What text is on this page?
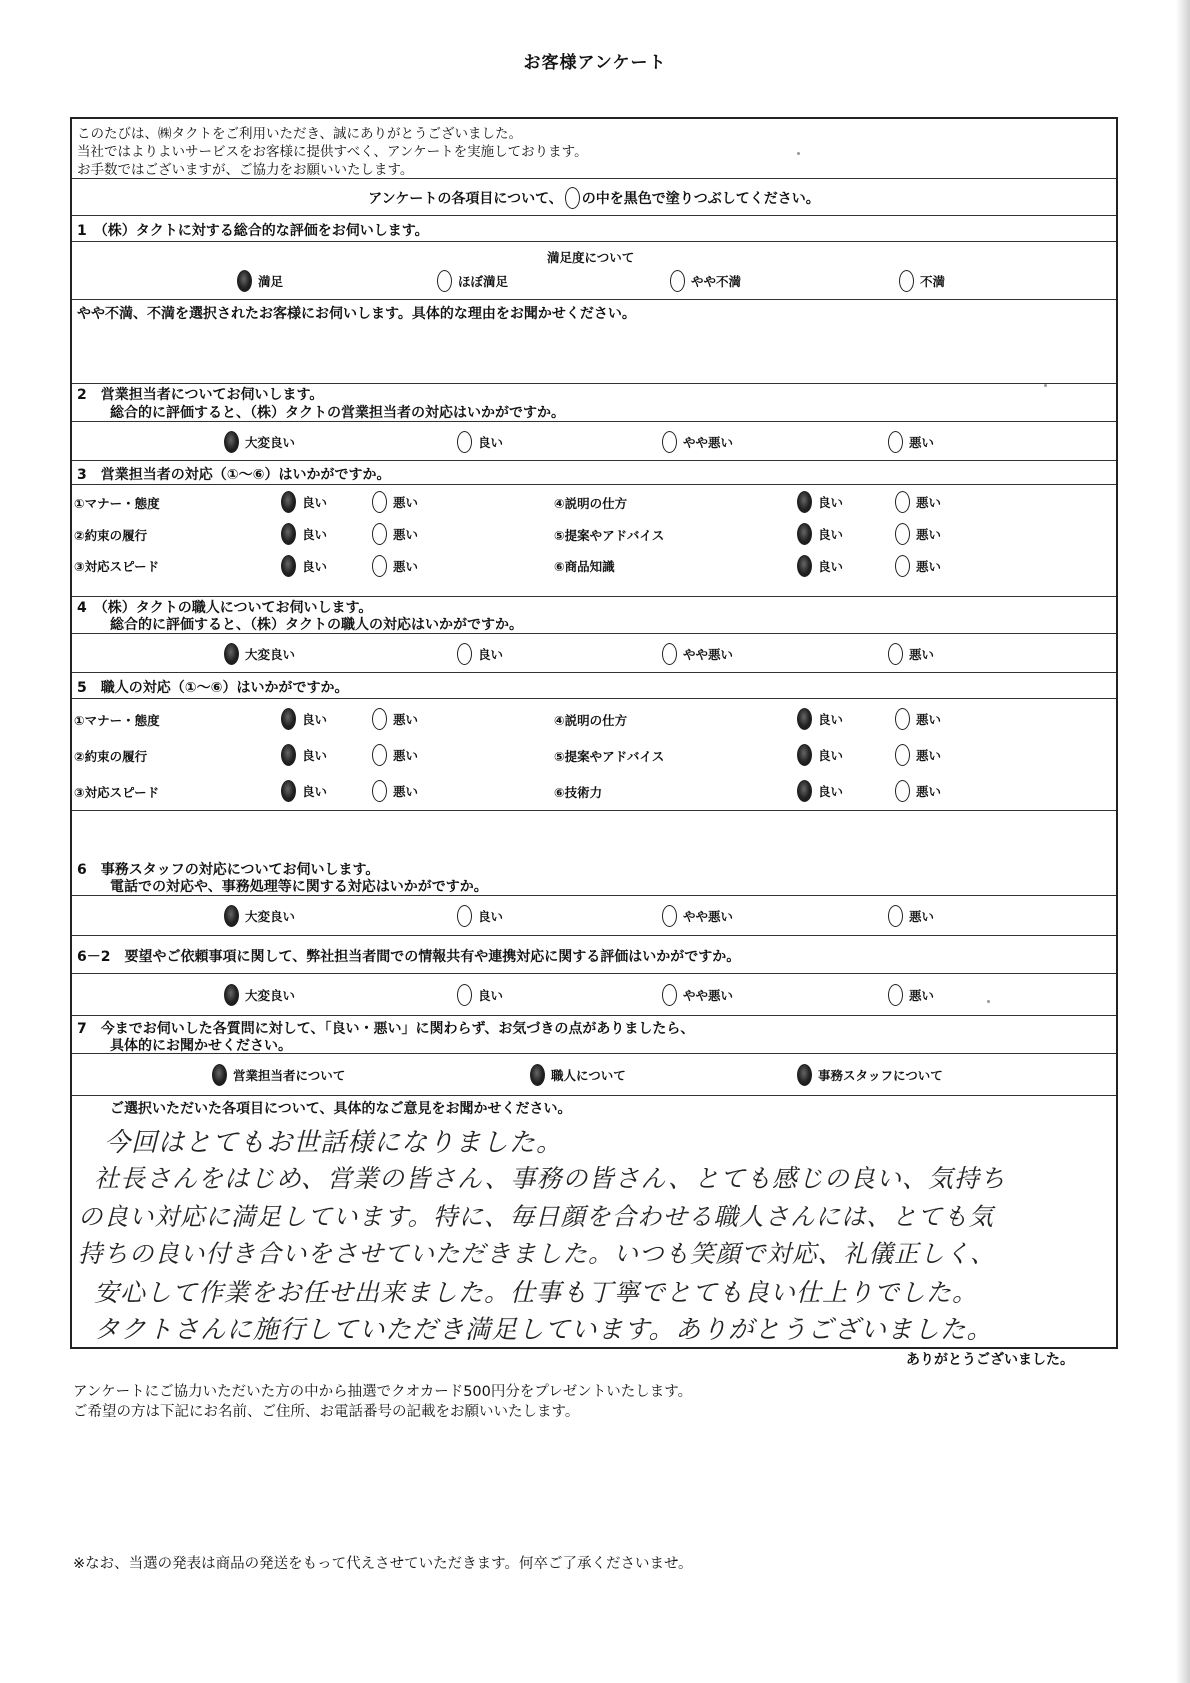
お客様アンケート
このたびは、㈱タクトをご利用いただき、誠にありがとうございました。
当社ではよりよいサービスをお客様に提供すべく、アンケートを実施しております。
お手数ではございますが、ご協力をお願いいたします。
アンケートの各項目について、 の中を黒色で塗りつぶしてください。
1　（株）タクトに対する総合的な評価をお伺いします。
満足度について
満足	ほぼ満足	やや不満	不満
やや不満、不満を選択されたお客様にお伺いします。具体的な理由をお聞かせください。
2　営業担当者についてお伺いします。
総合的に評価すると、（株）タクトの営業担当者の対応はいかがですか。
大変良い	良い	やや悪い	悪い
3　営業担当者の対応（①～⑥）はいかがですか。
①マナー・態度	良い	悪い
②約束の履行	良い	悪い
③対応スピード	良い	悪い
④説明の仕方	良い	悪い
⑤提案やアドバイス	良い	悪い
⑥商品知識	良い	悪い
4　（株）タクトの職人についてお伺いします。
総合的に評価すると、（株）タクトの職人の対応はいかがですか。
大変良い	良い	やや悪い	悪い
5　職人の対応（①～⑥）はいかがですか。
①マナー・態度	良い	悪い
②約束の履行	良い	悪い
③対応スピード	良い	悪い
④説明の仕方	良い	悪い
⑤提案やアドバイス	良い	悪い
⑥技術力	良い	悪い
6　事務スタッフの対応についてお伺いします。
電話での対応や、事務処理等に関する対応はいかがですか。
大変良い	良い	やや悪い	悪い
6－2　要望やご依頼事項に関して、弊社担当者間での情報共有や連携対応に関する評価はいかがですか。
大変良い	良い	やや悪い	悪い
7　今までお伺いした各質問に対して、「良い・悪い」に関わらず、お気づきの点がありましたら、
具体的にお聞かせください。
営業担当者について	職人について	事務スタッフについて
ご選択いただいた各項目について、具体的なご意見をお聞かせください。
今回はとてもお世話様になりました。
社長さんをはじめ、営業の皆さん、事務の皆さん、とても感じの良い、気持ち
の良い対応に満足しています。特に、毎日顔を合わせる職人さんには、とても気
持ちの良い付き合いをさせていただきました。いつも笑顔で対応、礼儀正しく、
安心して作業をお任せ出来ました。仕事も丁寧でとても良い仕上りでした。
タクトさんに施行していただき満足しています。ありがとうございました。
ありがとうございました。
アンケートにご協力いただいた方の中から抽選でクオカード500円分をプレゼントいたします。
ご希望の方は下記にお名前、ご住所、お電話番号の記載をお願いいたします。
※なお、当選の発表は商品の発送をもって代えさせていただきます。何卒ご了承くださいませ。
